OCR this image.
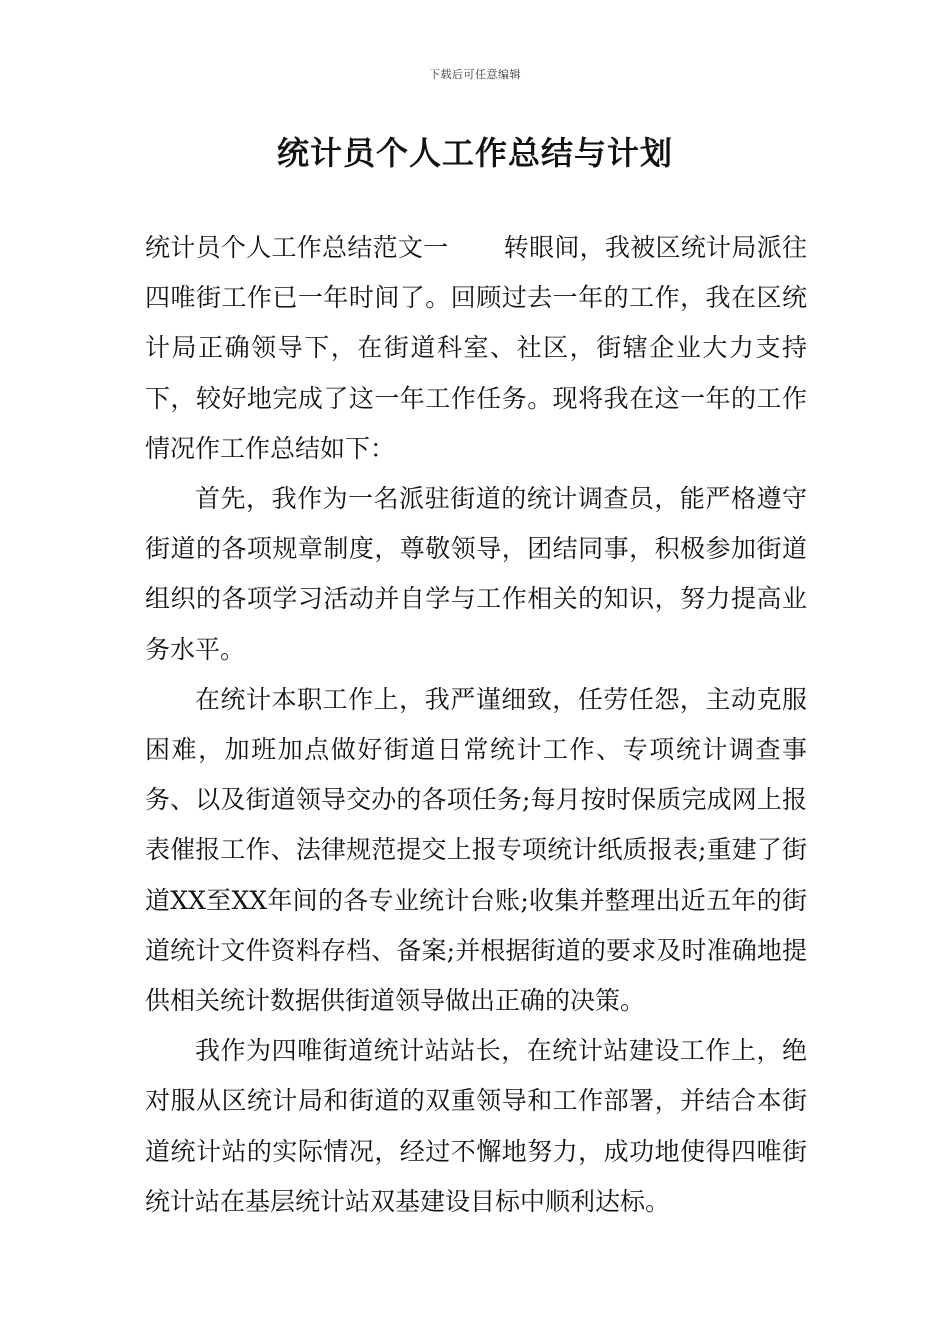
下载后可任意编辑
统计员个人工作总结与计划

统计员个人工作总结范文一 转眼间，我被区统计局派往四唯街工作已一年时间了。回顾过去一年的工作，我在区统计局正确领导下，在街道科室、社区，街辖企业大力支持下，较好地完成了这一年工作任务。现将我在这一年的工作情况作工作总结如下：

首先，我作为一名派驻街道的统计调查员，能严格遵守街道的各项规章制度，尊敬领导，团结同事，积极参加街道组织的各项学习活动并自学与工作相关的知识，努力提高业务水平。

在统计本职工作上，我严谨细致，任劳任怨，主动克服困难，加班加点做好街道日常统计工作、专项统计调查事务、以及街道领导交办的各项任务;每月按时保质完成网上报表催报工作、法律规范提交上报专项统计纸质报表;重建了街道XX至XX年间的各专业统计台账;收集并整理出近五年的街道统计文件资料存档、备案;并根据街道的要求及时准确地提供相关统计数据供街道领导做出正确的决策。

我作为四唯街道统计站站长，在统计站建设工作上，绝对服从区统计局和街道的双重领导和工作部署，并结合本街道统计站的实际情况，经过不懈地努力，成功地使得四唯街统计站在基层统计站双基建设目标中顺利达标。
